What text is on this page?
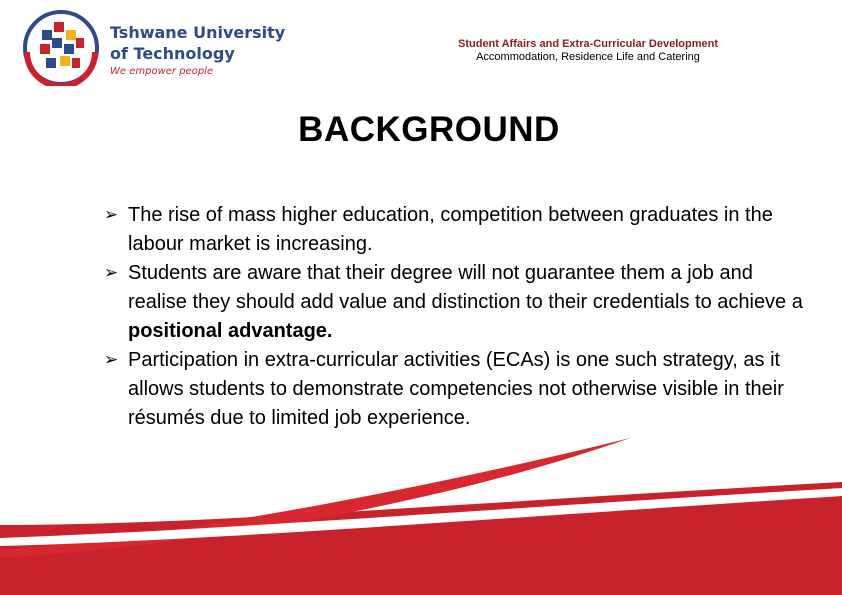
Tshwane University
of Technology
We empower people
Student Affairs and Extra-Curricular Development
Accommodation, Residence Life and Catering
BACKGROUND
➢ The rise of mass higher education, competition between graduates in the labour market is increasing.
➢ Students are aware that their degree will not guarantee them a job and realise they should add value and distinction to their credentials to achieve a positional advantage.
➢ Participation in extra-curricular activities (ECAs) is one such strategy, as it allows students to demonstrate competencies not otherwise visible in their résumés due to limited job experience.
